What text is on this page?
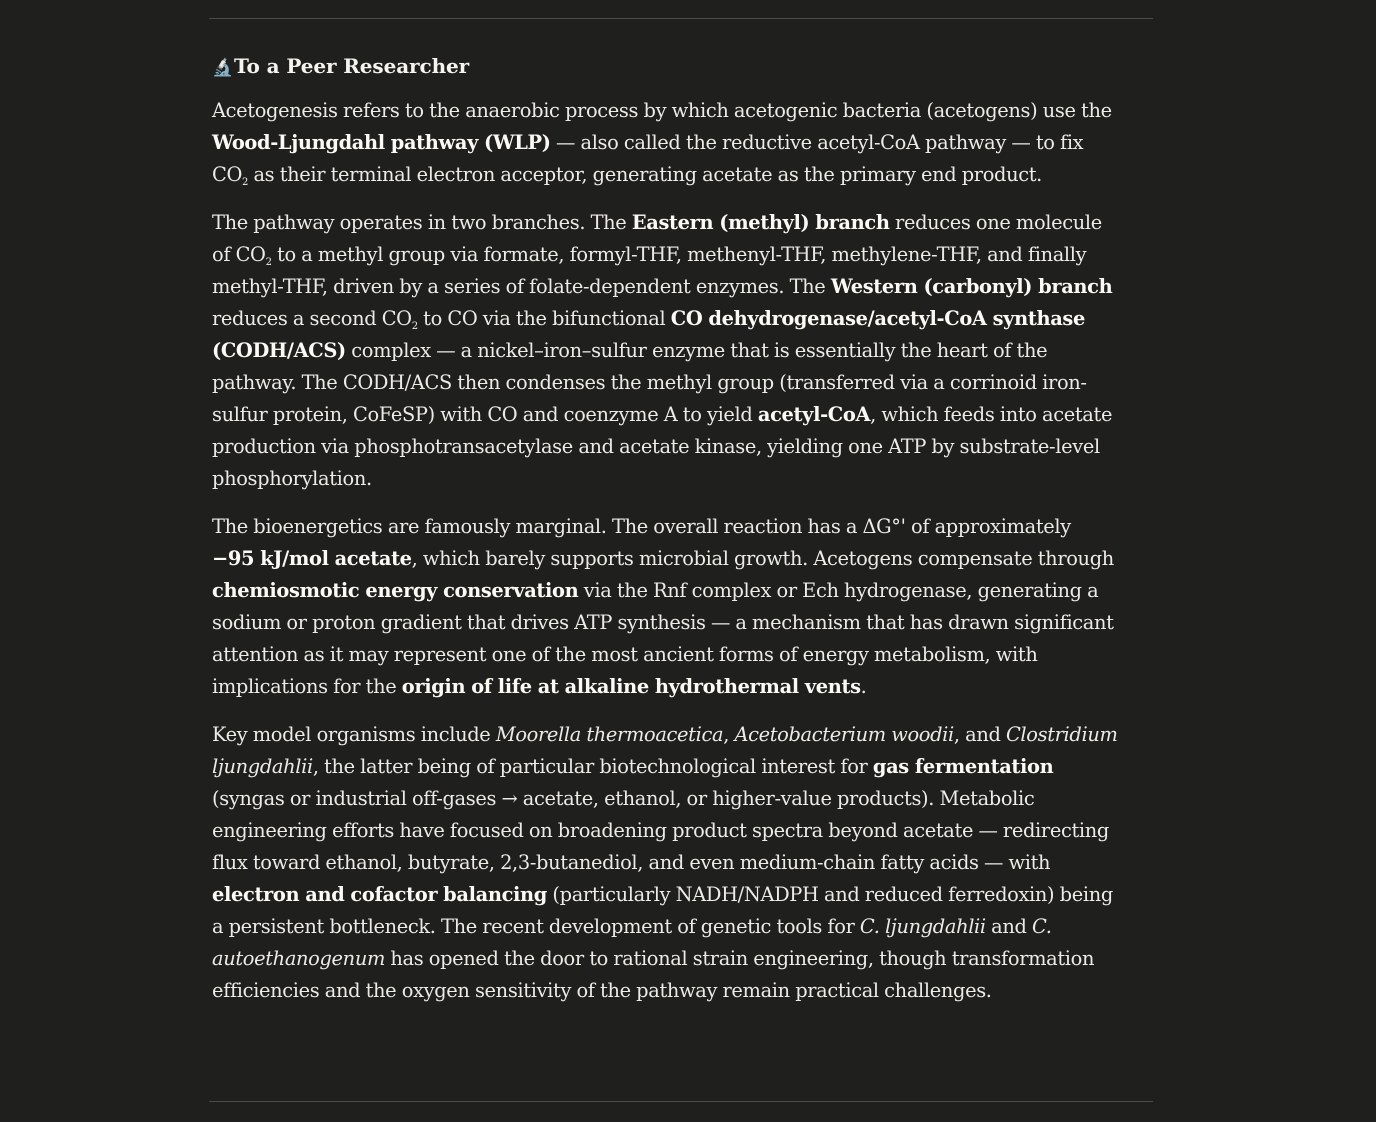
🔬To a Peer Researcher

Acetogenesis refers to the anaerobic process by which acetogenic bacteria (acetogens) use the Wood-Ljungdahl pathway (WLP) — also called the reductive acetyl-CoA pathway — to fix $CO_2$ as their terminal electron acceptor, generating acetate as the primary end product.

The pathway operates in two branches. The Eastern (methyl) branch reduces one molecule of $CO_2$ to a methyl group via formate, formyl-THF, methenyl-THF, methylene-THF, and finally methyl-THF, driven by a series of folate-dependent enzymes. The Western (carbonyl) branch reduces a second $CO_2$ to CO via the bifunctional CO dehydrogenase/acetyl-CoA synthase (CODH/ACS) complex — a nickel–iron–sulfur enzyme that is essentially the heart of the pathway. The CODH/ACS then condenses the methyl group (transferred via a corrinoid iron-sulfur protein, CoFeSP) with CO and coenzyme A to yield acetyl-CoA, which feeds into acetate production via phosphotransacetylase and acetate kinase, yielding one ATP by substrate-level phosphorylation.

The bioenergetics are famously marginal. The overall reaction has a ΔG°' of approximately −95 kJ/mol acetate, which barely supports microbial growth. Acetogens compensate through chemiosmotic energy conservation via the Rnf complex or Ech hydrogenase, generating a sodium or proton gradient that drives ATP synthesis — a mechanism that has drawn significant attention as it may represent one of the most ancient forms of energy metabolism, with implications for the origin of life at alkaline hydrothermal vents.

Key model organisms include Moorella thermoacetica, Acetobacterium woodii, and Clostridium ljungdahlii, the latter being of particular biotechnological interest for gas fermentation (syngas or industrial off-gases → acetate, ethanol, or higher-value products). Metabolic engineering efforts have focused on broadening product spectra beyond acetate — redirecting flux toward ethanol, butyrate, 2,3-butanediol, and even medium-chain fatty acids — with electron and cofactor balancing (particularly NADH/NADPH and reduced ferredoxin) being a persistent bottleneck. The recent development of genetic tools for C. ljungdahlii and C. autoethanogenum has opened the door to rational strain engineering, though transformation efficiencies and the oxygen sensitivity of the pathway remain practical challenges.
